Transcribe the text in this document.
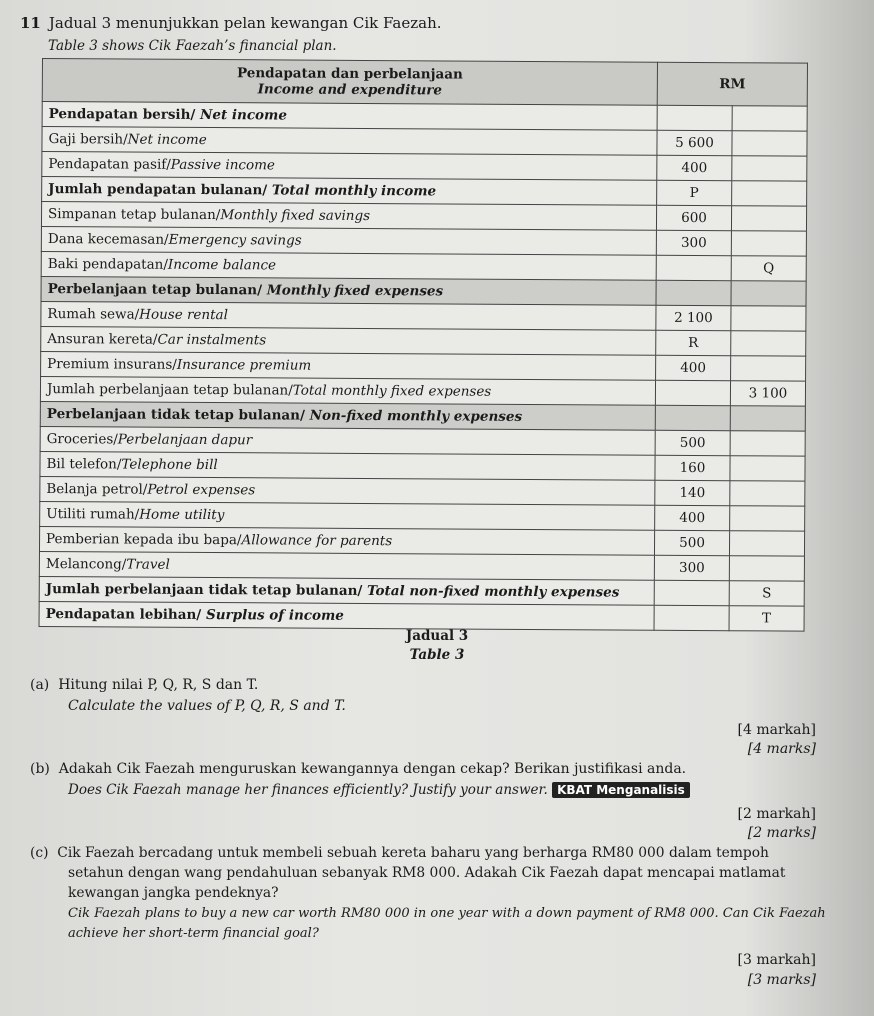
11 Jadual 3 menunjukkan pelan kewangan Cik Faezah.
Table 3 shows Cik Faezah’s financial plan.
Pendapatan dan perbelanjaan
Income and expenditure	RM	
Pendapatan bersih/ Net income		
Gaji bersih/Net income	5 600	
Pendapatan pasif/Passive income	400	
Jumlah pendapatan bulanan/ Total monthly income	P	
Simpanan tetap bulanan/Monthly fixed savings	600	
Dana kecemasan/Emergency savings	300	
Baki pendapatan/Income balance		Q
Perbelanjaan tetap bulanan/ Monthly fixed expenses		
Rumah sewa/House rental	2 100	
Ansuran kereta/Car instalments	R	
Premium insurans/Insurance premium	400	
Jumlah perbelanjaan tetap bulanan/Total monthly fixed expenses		3 100
Perbelanjaan tidak tetap bulanan/ Non-fixed monthly expenses		
Groceries/Perbelanjaan dapur	500	
Bil telefon/Telephone bill	160	
Belanja petrol/Petrol expenses	140	
Utiliti rumah/Home utility	400	
Pemberian kepada ibu bapa/Allowance for parents	500	
Melancong/Travel	300	
Jumlah perbelanjaan tidak tetap bulanan/ Total non-fixed monthly expenses		S
Pendapatan lebihan/ Surplus of income		T
Jadual 3
Table 3
(a) Hitung nilai P, Q, R, S dan T.
Calculate the values of P, Q, R, S and T.
[4 markah]
[4 marks]
(b) Adakah Cik Faezah menguruskan kewangannya dengan cekap? Berikan justifikasi anda.
Does Cik Faezah manage her finances efficiently? Justify your answer. KBAT Menganalisis
[2 markah]
[2 marks]
(c) Cik Faezah bercadang untuk membeli sebuah kereta baharu yang berharga RM80 000 dalam tempoh
setahun dengan wang pendahuluan sebanyak RM8 000. Adakah Cik Faezah dapat mencapai matlamat
kewangan jangka pendeknya?
Cik Faezah plans to buy a new car worth RM80 000 in one year with a down payment of RM8 000. Can Cik Faezah
achieve her short-term financial goal?
[3 markah]
[3 marks]
